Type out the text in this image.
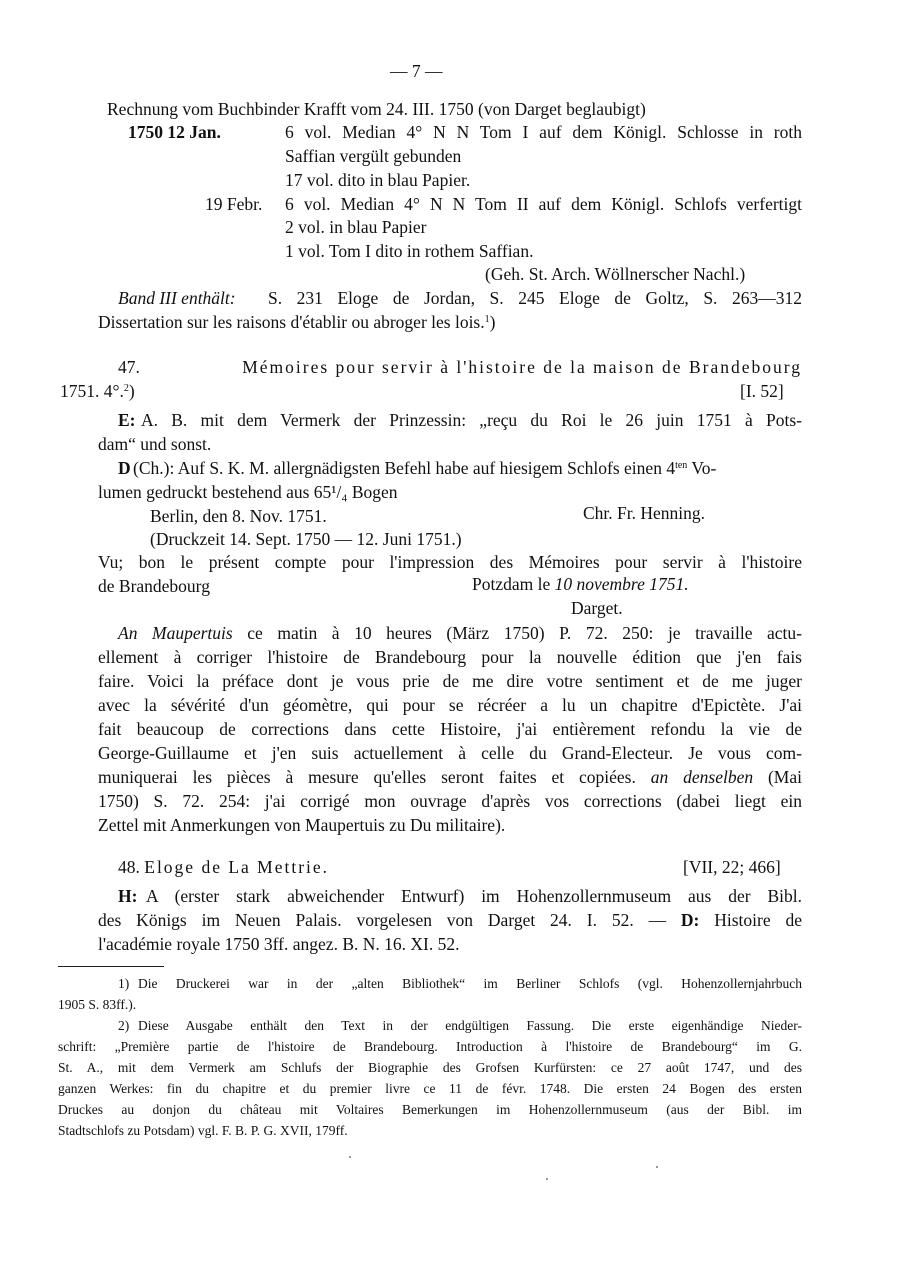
— 7 —
Rechnung vom Buchbinder Krafft vom 24. III. 1750 (von Darget beglaubigt)
1750 12 Jan.	6 vol. Median 4° N N Tom I auf dem Königl. Schlosse in roth
Saffian vergült gebunden
17 vol. dito in blau Papier.
19 Febr. 6 vol. Median 4° N N Tom II auf dem Königl. Schlofs verfertigt
2 vol. in blau Papier
1 vol. Tom I dito in rothem Saffian.
(Geh. St. Arch. Wöllnerscher Nachl.)
Band III enthält: S. 231 Eloge de Jordan, S. 245 Eloge de Goltz, S. 263—312
Dissertation sur les raisons d'établir ou abroger les lois.$^1$)
47.	Mémoires pour servir à l'histoire de la maison de Brandebourg
1751. 4°.$^2$)	[I. 52]
E: A. B. mit dem Vermerk der Prinzessin: „reçu du Roi le 26 juin 1751 à Pots-
dam“ und sonst.
D (Ch.): Auf S. K. M. allergnädigsten Befehl habe auf hiesigem Schlofs einen $4^{ten}$ Vo-
lumen gedruckt bestehend aus 65¹/₄ Bogen
Berlin, den 8. Nov. 1751.	Chr. Fr. Henning.
(Druckzeit 14. Sept. 1750 — 12. Juni 1751.)
Vu; bon le présent compte pour l'impression des Mémoires pour servir à l'histoire
de Brandebourg	Potzdam le 10 novembre 1751.
Darget.
An Maupertuis ce matin à 10 heures (März 1750) P. 72. 250: je travaille actu-
ellement à corriger l'histoire de Brandebourg pour la nouvelle édition que j'en fais
faire. Voici la préface dont je vous prie de me dire votre sentiment et de me juger
avec la sévérité d'un géomètre, qui pour se récréer a lu un chapitre d'Epictète. J'ai
fait beaucoup de corrections dans cette Histoire, j'ai entièrement refondu la vie de
George-Guillaume et j'en suis actuellement à celle du Grand-Electeur. Je vous com-
muniquerai les pièces à mesure qu'elles seront faites et copiées. an denselben (Mai
1750) S. 72. 254: j'ai corrigé mon ouvrage d'après vos corrections (dabei liegt ein
Zettel mit Anmerkungen von Maupertuis zu Du militaire).
48. Eloge de La Mettrie.	[VII, 22; 466]
H: A (erster stark abweichender Entwurf) im Hohenzollernmuseum aus der Bibl.
des Königs im Neuen Palais. vorgelesen von Darget 24. I. 52. — D: Histoire de
l'académie royale 1750 3ff. angez. B. N. 16. XI. 52.
1) Die Druckerei war in der „alten Bibliothek“ im Berliner Schlofs (vgl. Hohenzollernjahrbuch
1905 S. 83ff.).
2) Diese Ausgabe enthält den Text in der endgültigen Fassung. Die erste eigenhändige Nieder-
schrift: „Première partie de l'histoire de Brandebourg. Introduction à l'histoire de Brandebourg“ im G.
St. A., mit dem Vermerk am Schlufs der Biographie des Grofsen Kurfürsten: ce 27 août 1747, und des
ganzen Werkes: fin du chapitre et du premier livre ce 11 de févr. 1748. Die ersten 24 Bogen des ersten
Druckes au donjon du château mit Voltaires Bemerkungen im Hohenzollernmuseum (aus der Bibl. im
Stadtschlofs zu Potsdam) vgl. F. B. P. G. XVII, 179ff.
